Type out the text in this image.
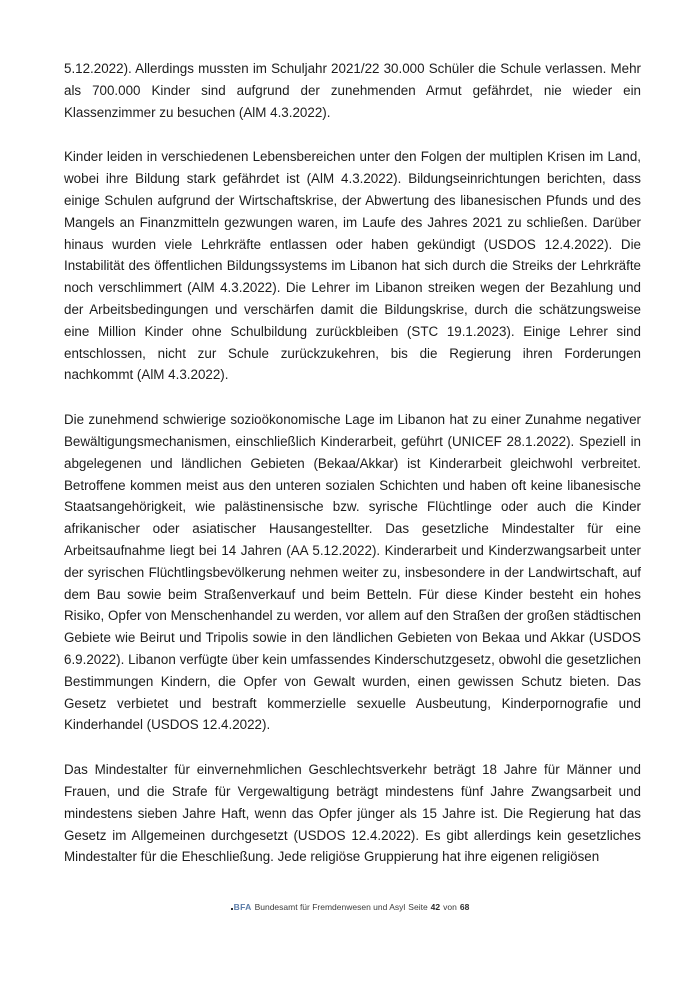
5.12.2022). Allerdings mussten im Schuljahr 2021/22 30.000 Schüler die Schule verlassen. Mehr als 700.000 Kinder sind aufgrund der zunehmenden Armut gefährdet, nie wieder ein Klassenzimmer zu besuchen (AlM 4.3.2022).

Kinder leiden in verschiedenen Lebensbereichen unter den Folgen der multiplen Krisen im Land, wobei ihre Bildung stark gefährdet ist (AlM 4.3.2022). Bildungseinrichtungen berichten, dass einige Schulen aufgrund der Wirtschaftskrise, der Abwertung des libanesischen Pfunds und des Mangels an Finanzmitteln gezwungen waren, im Laufe des Jahres 2021 zu schließen. Darüber hinaus wurden viele Lehrkräfte entlassen oder haben gekündigt (USDOS 12.4.2022). Die Instabilität des öffentlichen Bildungssystems im Libanon hat sich durch die Streiks der Lehrkräfte noch verschlimmert (AlM 4.3.2022). Die Lehrer im Libanon streiken wegen der Bezahlung und der Arbeitsbedingungen und verschärfen damit die Bildungskrise, durch die schätzungsweise eine Million Kinder ohne Schulbildung zurückbleiben (STC 19.1.2023). Einige Lehrer sind entschlossen, nicht zur Schule zurückzukehren, bis die Regierung ihren Forderungen nachkommt (AlM 4.3.2022).

Die zunehmend schwierige sozioökonomische Lage im Libanon hat zu einer Zunahme negativer Bewältigungsmechanismen, einschließlich Kinderarbeit, geführt (UNICEF 28.1.2022). Speziell in abgelegenen und ländlichen Gebieten (Bekaa/Akkar) ist Kinderarbeit gleichwohl verbreitet. Betroffene kommen meist aus den unteren sozialen Schichten und haben oft keine libanesische Staatsangehörigkeit, wie palästinensische bzw. syrische Flüchtlinge oder auch die Kinder afrikanischer oder asiatischer Hausangestellter. Das gesetzliche Mindestalter für eine Arbeitsaufnahme liegt bei 14 Jahren (AA 5.12.2022). Kinderarbeit und Kinderzwangsarbeit unter der syrischen Flüchtlingsbevölkerung nehmen weiter zu, insbesondere in der Landwirtschaft, auf dem Bau sowie beim Straßenverkauf und beim Betteln. Für diese Kinder besteht ein hohes Risiko, Opfer von Menschenhandel zu werden, vor allem auf den Straßen der großen städtischen Gebiete wie Beirut und Tripolis sowie in den ländlichen Gebieten von Bekaa und Akkar (USDOS 6.9.2022). Libanon verfügte über kein umfassendes Kinderschutzgesetz, obwohl die gesetzlichen Bestimmungen Kindern, die Opfer von Gewalt wurden, einen gewissen Schutz bieten. Das Gesetz verbietet und bestraft kommerzielle sexuelle Ausbeutung, Kinderpornografie und Kinderhandel (USDOS 12.4.2022).

Das Mindestalter für einvernehmlichen Geschlechtsverkehr beträgt 18 Jahre für Männer und Frauen, und die Strafe für Vergewaltigung beträgt mindestens fünf Jahre Zwangsarbeit und mindestens sieben Jahre Haft, wenn das Opfer jünger als 15 Jahre ist. Die Regierung hat das Gesetz im Allgemeinen durchgesetzt (USDOS 12.4.2022). Es gibt allerdings kein gesetzliches Mindestalter für die Eheschließung. Jede religiöse Gruppierung hat ihre eigenen religiösen

BFA Bundesamt für Fremdenwesen und Asyl Seite 42 von 68
